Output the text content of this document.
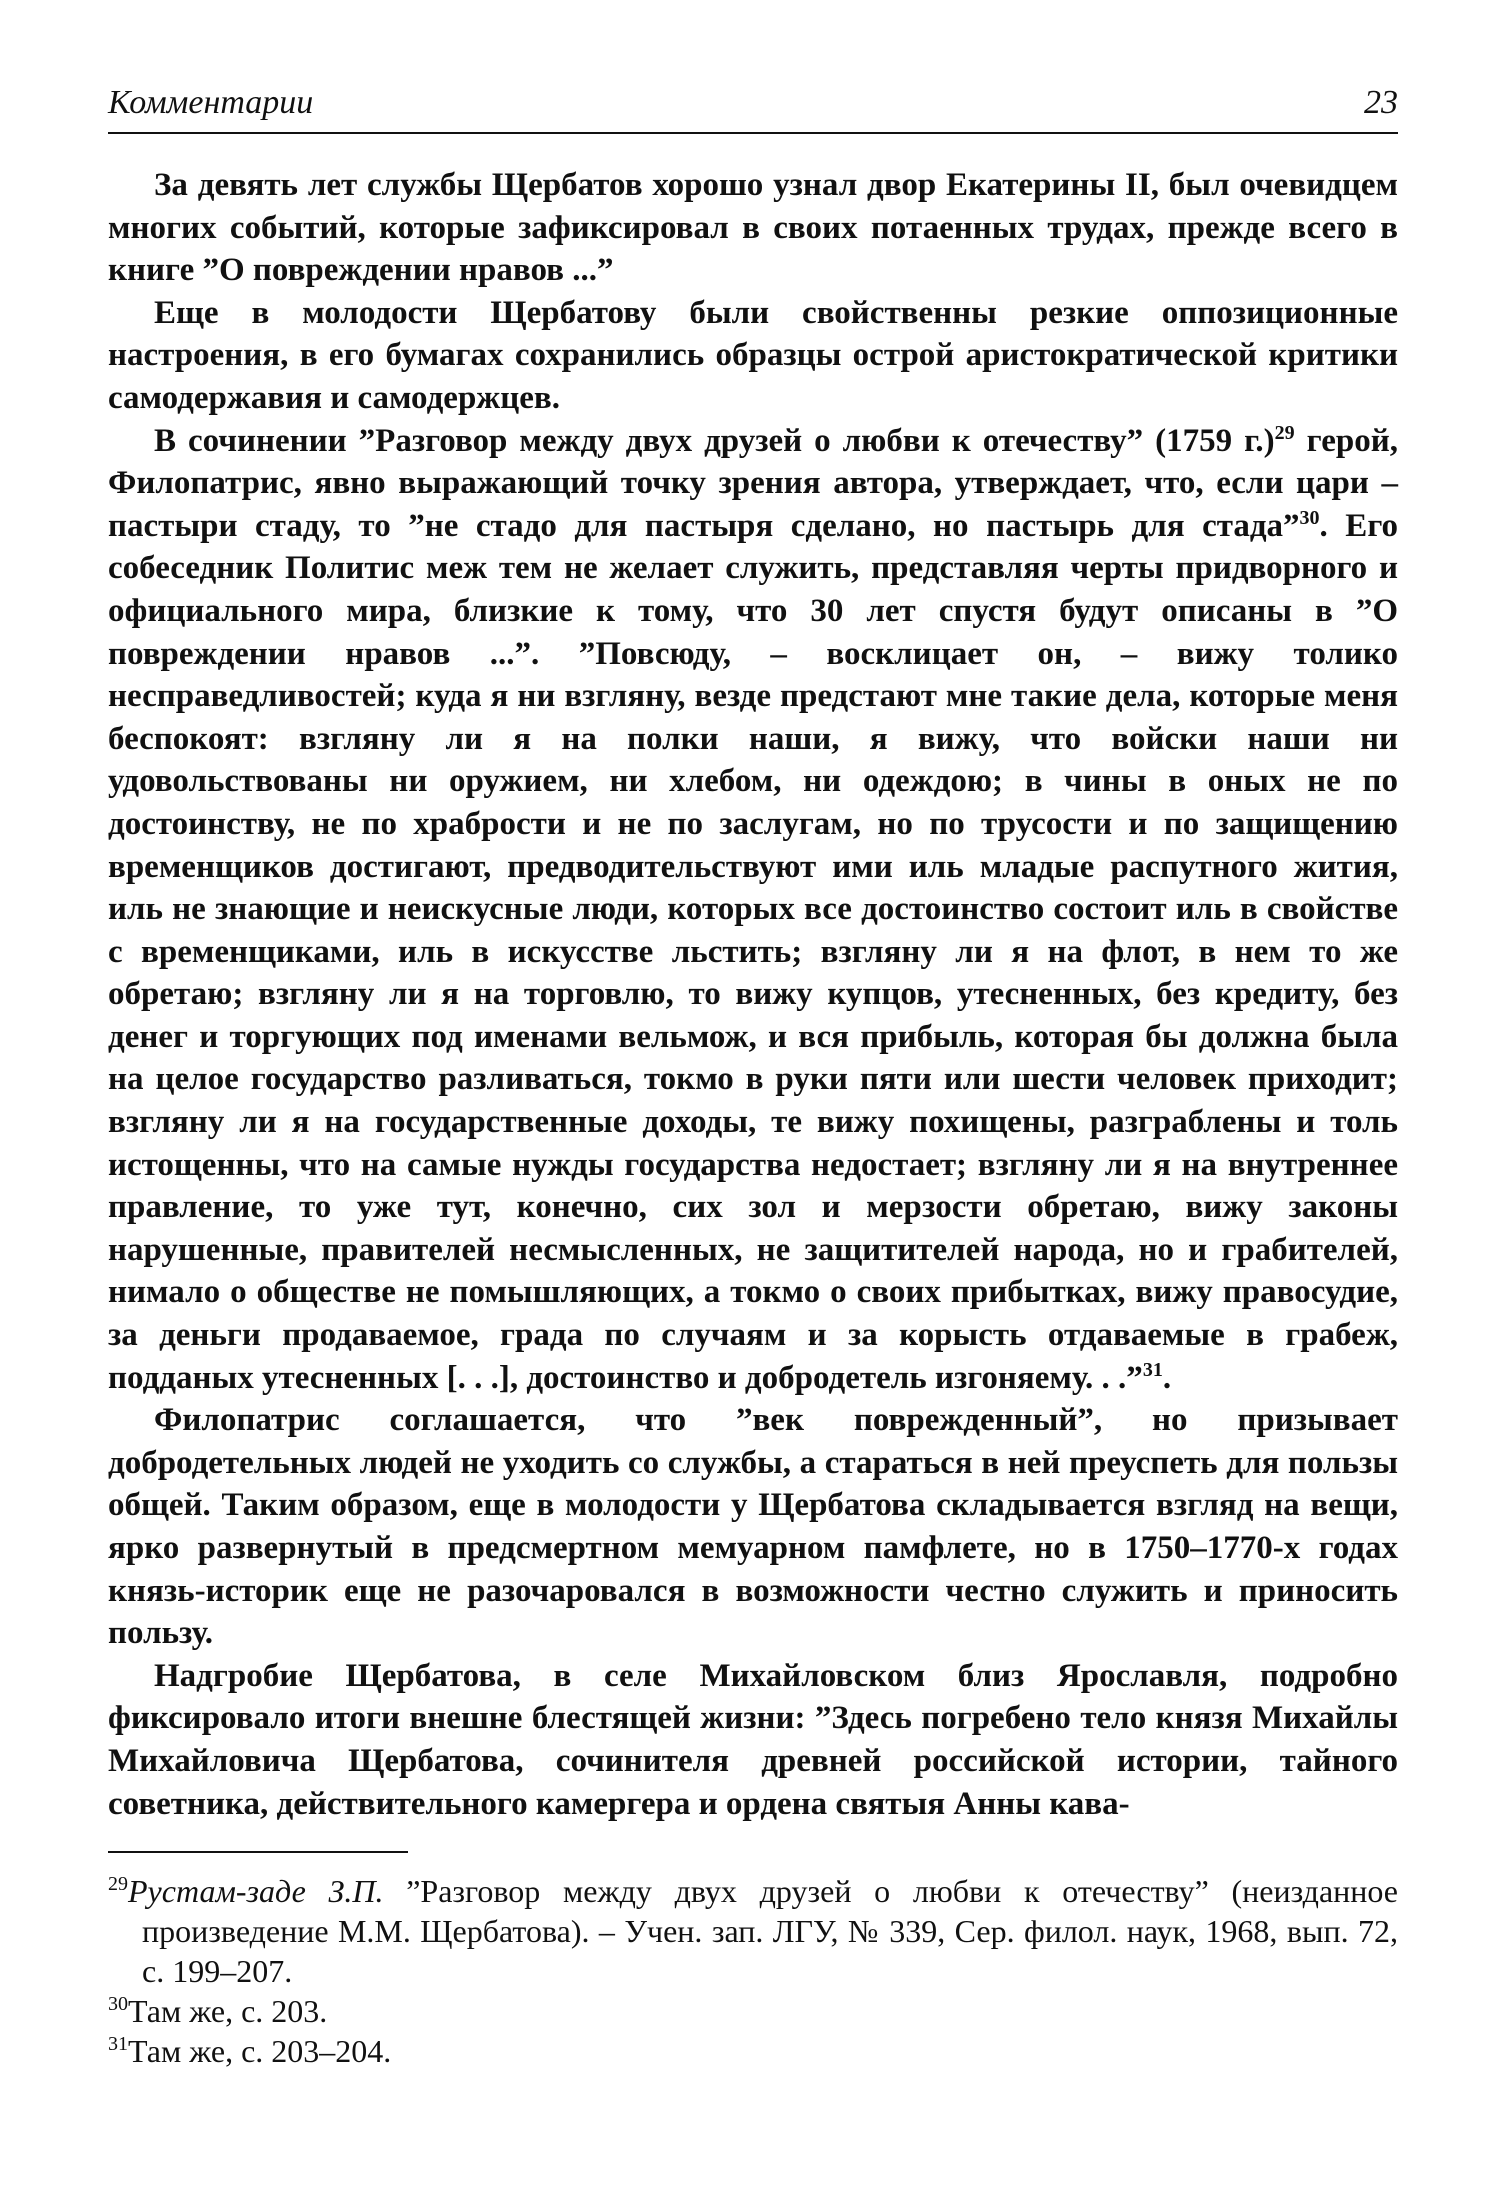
Комментарии	23

За девять лет службы Щербатов хорошо узнал двор Екатерины II, был очевидцем многих событий, которые зафиксировал в своих потаенных трудах, прежде всего в книге ”О повреждении нравов ...”

Еще в молодости Щербатову были свойственны резкие оппозиционные настроения, в его бумагах сохранились образцы острой аристократической критики самодержавия и самодержцев.

В сочинении ”Разговор между двух друзей о любви к отечеству” (1759 г.)$^{29}$ герой, Филопатрис, явно выражающий точку зрения автора, утверждает, что, если цари – пастыри стаду, то ”не стадо для пастыря сделано, но пастырь для стада”$^{30}$. Его собеседник Политис меж тем не желает служить, представляя черты придворного и официального мира, близкие к тому, что 30 лет спустя будут описаны в ”О повреждении нравов ...”. ”Повсюду, – восклицает он, – вижу толико несправедливостей; куда я ни взгляну, везде предстают мне такие дела, которые меня беспокоят: взгляну ли я на полки наши, я вижу, что войски наши ни удовольствованы ни оружием, ни хлебом, ни одеждою; в чины в оных не по достоинству, не по храбрости и не по заслугам, но по трусости и по защищению временщиков достигают, предводительствуют ими иль младые распутного жития, иль не знающие и неискусные люди, которых все достоинство состоит иль в свойстве с временщиками, иль в искусстве льстить; взгляну ли я на флот, в нем то же обретаю; взгляну ли я на торговлю, то вижу купцов, утесненных, без кредиту, без денег и торгующих под именами вельмож, и вся прибыль, которая бы должна была на целое государство разливаться, токмо в руки пяти или шести человек приходит; взгляну ли я на государственные доходы, те вижу похищены, разграблены и толь истощенны, что на самые нужды государства недостает; взгляну ли я на внутреннее правление, то уже тут, конечно, сих зол и мерзости обретаю, вижу законы нарушенные, правителей несмысленных, не защитителей народа, но и грабителей, нимало о обществе не помышляющих, а токмо о своих прибытках, вижу правосудие, за деньги продаваемое, града по случаям и за корысть отдаваемые в грабеж, подданых утесненных [. . .], достоинство и добродетель изгоняему. . .”$^{31}$.

Филопатрис соглашается, что ”век поврежденный”, но призывает добродетельных людей не уходить со службы, а стараться в ней преуспеть для пользы общей. Таким образом, еще в молодости у Щербатова складывается взгляд на вещи, ярко развернутый в предсмертном мемуарном памфлете, но в 1750–1770-х годах князь-историк еще не разочаровался в возможности честно служить и приносить пользу.

Надгробие Щербатова, в селе Михайловском близ Ярославля, подробно фиксировало итоги внешне блестящей жизни: ”Здесь погребено тело князя Михайлы Михайловича Щербатова, сочинителя древней российской истории, тайного советника, действительного камергера и ордена святыя Анны кава-

$^{29}$Рустам-заде З.П. ”Разговор между двух друзей о любви к отечеству” (неизданное произведение М.М. Щербатова). – Учен. зап. ЛГУ, № 339, Сер. филол. наук, 1968, вып. 72, с. 199–207.

$^{30}$Там же, с. 203.

$^{31}$Там же, с. 203–204.
